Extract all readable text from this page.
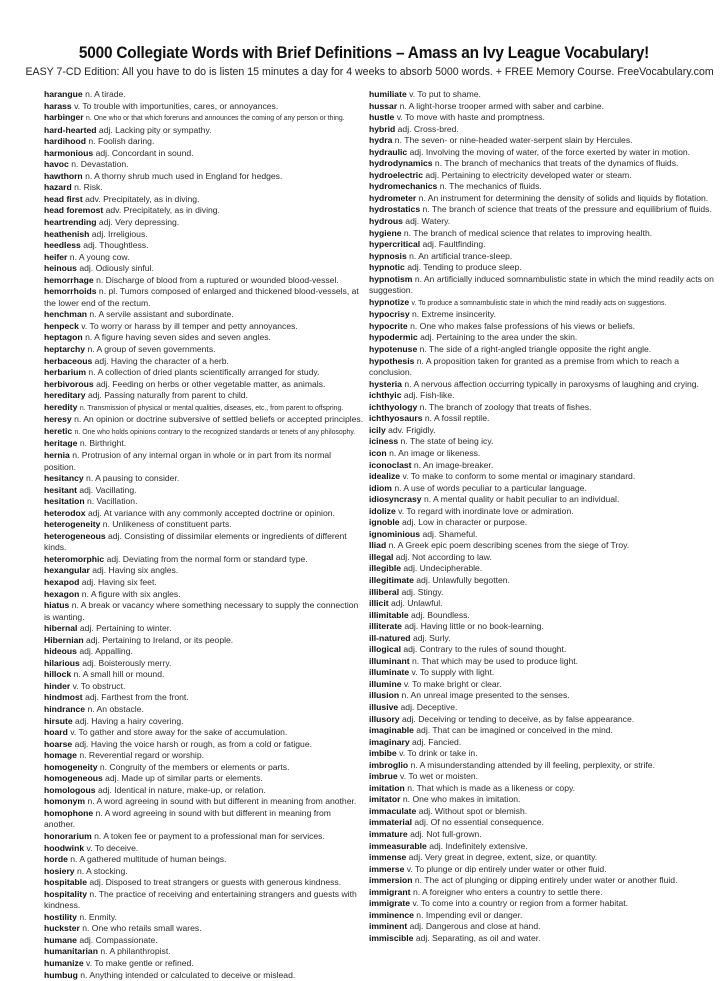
5000 Collegiate Words with Brief Definitions – Amass an Ivy League Vocabulary!

EASY 7-CD Edition: All you have to do is listen 15 minutes a day for 4 weeks to absorb 5000 words. + FREE Memory Course. FreeVocabulary.com

harangue n. A tirade.
harass v. To trouble with importunities, cares, or annoyances.
harbinger n. One who or that which foreruns and announces the coming of any person or thing.
hard-hearted adj. Lacking pity or sympathy.
hardihood n. Foolish daring.
harmonious adj. Concordant in sound.
havoc n. Devastation.
hawthorn n. A thorny shrub much used in England for hedges.
hazard n. Risk.
head first adv. Precipitately, as in diving.
head foremost adv. Precipitately, as in diving.
heartrending adj. Very depressing.
heathenish adj. Irreligious.
heedless adj. Thoughtless.
heifer n. A young cow.
heinous adj. Odiously sinful.
hemorrhage n. Discharge of blood from a ruptured or wounded blood-vessel.
hemorrhoids n. pl. Tumors composed of enlarged and thickened blood-vessels, at the lower end of the rectum.
henchman n. A servile assistant and subordinate.
henpeck v. To worry or harass by ill temper and petty annoyances.
heptagon n. A figure having seven sides and seven angles.
heptarchy n. A group of seven governments.
herbaceous adj. Having the character of a herb.
herbarium n. A collection of dried plants scientifically arranged for study.
herbivorous adj. Feeding on herbs or other vegetable matter, as animals.
hereditary adj. Passing naturally from parent to child.
heredity n. Transmission of physical or mental qualities, diseases, etc., from parent to offspring.
heresy n. An opinion or doctrine subversive of settled beliefs or accepted principles.
heretic n. One who holds opinions contrary to the recognized standards or tenets of any philosophy.
heritage n. Birthright.
hernia n. Protrusion of any internal organ in whole or in part from its normal position.
hesitancy n. A pausing to consider.
hesitant adj. Vacillating.
hesitation n. Vacillation.
heterodox adj. At variance with any commonly accepted doctrine or opinion.
heterogeneity n. Unlikeness of constituent parts.
heterogeneous adj. Consisting of dissimilar elements or ingredients of different kinds.
heteromorphic adj. Deviating from the normal form or standard type.
hexangular adj. Having six angles.
hexapod adj. Having six feet.
hexagon n. A figure with six angles.
hiatus n. A break or vacancy where something necessary to supply the connection is wanting.
hibernal adj. Pertaining to winter.
Hibernian adj. Pertaining to Ireland, or its people.
hideous adj. Appalling.
hilarious adj. Boisterously merry.
hillock n. A small hill or mound.
hinder v. To obstruct.
hindmost adj. Farthest from the front.
hindrance n. An obstacle.
hirsute adj. Having a hairy covering.
hoard v. To gather and store away for the sake of accumulation.
hoarse adj. Having the voice harsh or rough, as from a cold or fatigue.
homage n. Reverential regard or worship.
homogeneity n. Congruity of the members or elements or parts.
homogeneous adj. Made up of similar parts or elements.
homologous adj. Identical in nature, make-up, or relation.
homonym n. A word agreeing in sound with but different in meaning from another.
homophone n. A word agreeing in sound with but different in meaning from another.
honorarium n. A token fee or payment to a professional man for services.
hoodwink v. To deceive.
horde n. A gathered multitude of human beings.
hosiery n. A stocking.
hospitable adj. Disposed to treat strangers or guests with generous kindness.
hospitality n. The practice of receiving and entertaining strangers and guests with kindness.
hostility n. Enmity.
huckster n. One who retails small wares.
humane adj. Compassionate.
humanitarian n. A philanthropist.
humanize v. To make gentle or refined.
humbug n. Anything intended or calculated to deceive or mislead.
humiliate v. To put to shame.
hussar n. A light-horse trooper armed with saber and carbine.
hustle v. To move with haste and promptness.
hybrid adj. Cross-bred.
hydra n. The seven- or nine-headed water-serpent slain by Hercules.
hydraulic adj. Involving the moving of water, of the force exerted by water in motion.
hydrodynamics n. The branch of mechanics that treats of the dynamics of fluids.
hydroelectric adj. Pertaining to electricity developed water or steam.
hydromechanics n. The mechanics of fluids.
hydrometer n. An instrument for determining the density of solids and liquids by flotation.
hydrostatics n. The branch of science that treats of the pressure and equilibrium of fluids.
hydrous adj. Watery.
hygiene n. The branch of medical science that relates to improving health.
hypercritical adj. Faultfinding.
hypnosis n. An artificial trance-sleep.
hypnotic adj. Tending to produce sleep.
hypnotism n. An artificially induced somnambulistic state in which the mind readily acts on suggestion.
hypnotize v. To produce a somnambulistic state in which the mind readily acts on suggestions.
hypocrisy n. Extreme insincerity.
hypocrite n. One who makes false professions of his views or beliefs.
hypodermic adj. Pertaining to the area under the skin.
hypotenuse n. The side of a right-angled triangle opposite the right angle.
hypothesis n. A proposition taken for granted as a premise from which to reach a conclusion.
hysteria n. A nervous affection occurring typically in paroxysms of laughing and crying.
ichthyic adj. Fish-like.
ichthyology n. The branch of zoology that treats of fishes.
ichthyosaurs n. A fossil reptile.
icily adv. Frigidly.
iciness n. The state of being icy.
icon n. An image or likeness.
iconoclast n. An image-breaker.
idealize v. To make to conform to some mental or imaginary standard.
idiom n. A use of words peculiar to a particular language.
idiosyncrasy n. A mental quality or habit peculiar to an individual.
idolize v. To regard with inordinate love or admiration.
ignoble adj. Low in character or purpose.
ignominious adj. Shameful.
Iliad n. A Greek epic poem describing scenes from the siege of Troy.
illegal adj. Not according to law.
illegible adj. Undecipherable.
illegitimate adj. Unlawfully begotten.
illiberal adj. Stingy.
illicit adj. Unlawful.
illimitable adj. Boundless.
illiterate adj. Having little or no book-learning.
ill-natured adj. Surly.
illogical adj. Contrary to the rules of sound thought.
illuminant n. That which may be used to produce light.
illuminate v. To supply with light.
illumine v. To make bright or clear.
illusion n. An unreal image presented to the senses.
illusive adj. Deceptive.
illusory adj. Deceiving or tending to deceive, as by false appearance.
imaginable adj. That can be imagined or conceived in the mind.
imaginary adj. Fancied.
imbibe v. To drink or take in.
imbroglio n. A misunderstanding attended by ill feeling, perplexity, or strife.
imbrue v. To wet or moisten.
imitation n. That which is made as a likeness or copy.
imitator n. One who makes in imitation.
immaculate adj. Without spot or blemish.
immaterial adj. Of no essential consequence.
immature adj. Not full-grown.
immeasurable adj. Indefinitely extensive.
immense adj. Very great in degree, extent, size, or quantity.
immerse v. To plunge or dip entirely under water or other fluid.
immersion n. The act of plunging or dipping entirely under water or another fluid.
immigrant n. A foreigner who enters a country to settle there.
immigrate v. To come into a country or region from a former habitat.
imminence n. Impending evil or danger.
imminent adj. Dangerous and close at hand.
immiscible adj. Separating, as oil and water.
